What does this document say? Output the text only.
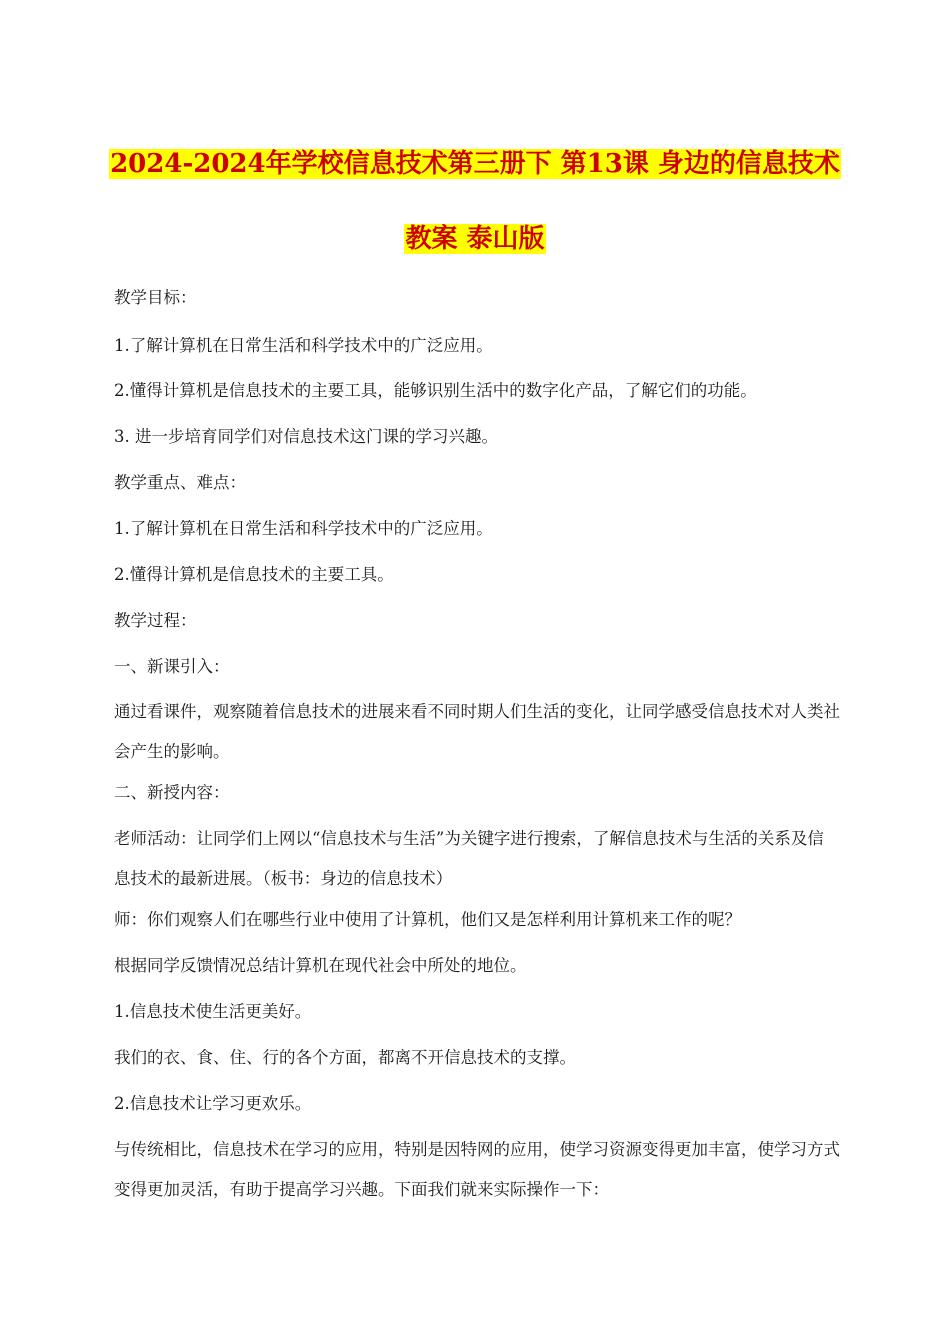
2024-2024年学校信息技术第三册下 第13课 身边的信息技术
教案 泰山版
教学目标：
1.了解计算机在日常生活和科学技术中的广泛应用。
2.懂得计算机是信息技术的主要工具，能够识别生活中的数字化产品，了解它们的功能。
3. 进一步培育同学们对信息技术这门课的学习兴趣。
教学重点、难点：
1.了解计算机在日常生活和科学技术中的广泛应用。
2.懂得计算机是信息技术的主要工具。
教学过程：
一、新课引入：
通过看课件，观察随着信息技术的进展来看不同时期人们生活的变化，让同学感受信息技术对人类社会产生的影响。
二、新授内容：
老师活动：让同学们上网以“信息技术与生活”为关键字进行搜索，了解信息技术与生活的关系及信息技术的最新进展。（板书：身边的信息技术）
师：你们观察人们在哪些行业中使用了计算机，他们又是怎样利用计算机来工作的呢？
根据同学反馈情况总结计算机在现代社会中所处的地位。
1.信息技术使生活更美好。
我们的衣、食、住、行的各个方面，都离不开信息技术的支撑。
2.信息技术让学习更欢乐。
与传统相比，信息技术在学习的应用，特别是因特网的应用，使学习资源变得更加丰富，使学习方式变得更加灵活，有助于提高学习兴趣。下面我们就来实际操作一下：
